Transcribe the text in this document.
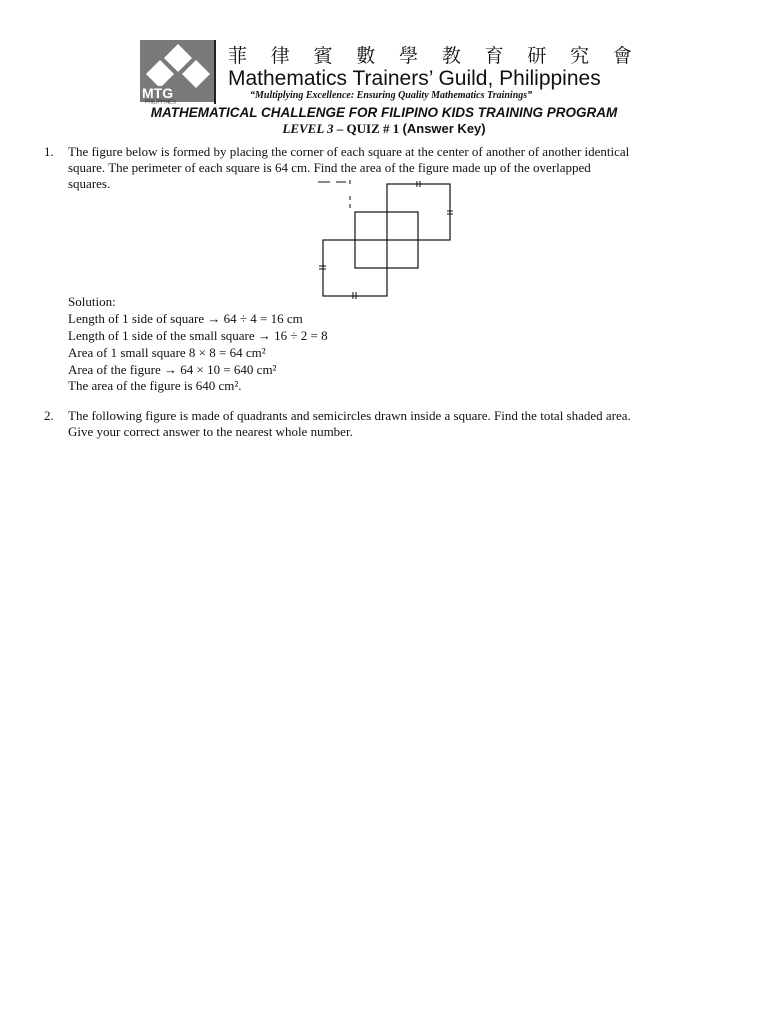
MTG
PHILIPPINES
菲 律 賓 數 學 教 育 研 究 會
Mathematics Trainers’ Guild, Philippines
“Multiplying Excellence: Ensuring Quality Mathematics Trainings”
MATHEMATICAL CHALLENGE FOR FILIPINO KIDS TRAINING PROGRAM
LEVEL 3 – QUIZ # 1 (Answer Key)
1. The figure below is formed by placing the corner of each square at the center of another of another identical
square. The perimeter of each square is 64 cm. Find the area of the figure made up of the overlapped
squares.
Solution:
Length of 1 side of square → 64 ÷ 4 = 16 cm
Length of 1 side of the small square → 16 ÷ 2 = 8
Area of 1 small square 8 × 8 = 64 cm²
Area of the figure → 64 × 10 = 640 cm²
The area of the figure is 640 cm².
2. The following figure is made of quadrants and semicircles drawn inside a square. Find the total shaded area.
Give your correct answer to the nearest whole number.
